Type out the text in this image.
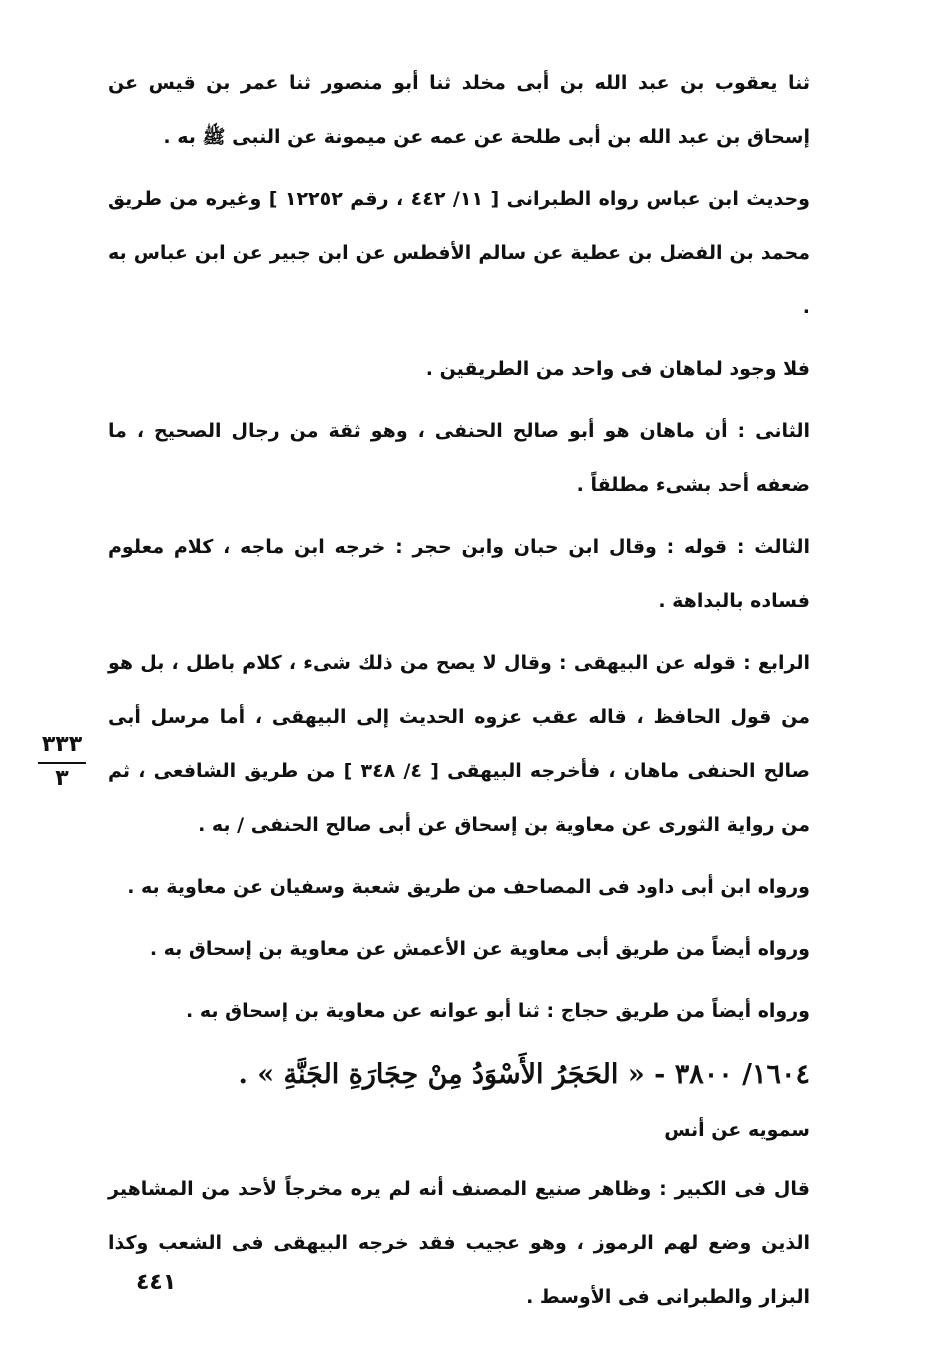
ثنا يعقوب بن عبد الله بن أبى مخلد ثنا أبو منصور ثنا عمر بن قيس عن إسحاق بن عبد الله بن أبى طلحة عن عمه عن ميمونة عن النبى ﷺ به .

وحديث ابن عباس رواه الطبرانى [ ١١/ ٤٤٢ ، رقم ١٢٢٥٢ ] وغيره من طريق محمد بن الفضل بن عطية عن سالم الأفطس عن ابن جبير عن ابن عباس به .

فلا وجود لماهان فى واحد من الطريقين .

الثانى : أن ماهان هو أبو صالح الحنفى ، وهو ثقة من رجال الصحيح ، ما ضعفه أحد بشىء مطلقاً .

الثالث : قوله : وقال ابن حبان وابن حجر : خرجه ابن ماجه ، كلام معلوم فساده بالبداهة .

الرابع : قوله عن البيهقى : وقال لا يصح من ذلك شىء ، كلام باطل ، بل هو من قول الحافظ ، قاله عقب عزوه الحديث إلى البيهقى ، أما مرسل أبى صالح الحنفى ماهان ، فأخرجه البيهقى [ ٤/ ٣٤٨ ] من طريق الشافعى ، ثم من رواية الثورى عن معاوية بن إسحاق عن أبى صالح الحنفى / به .

ورواه ابن أبى داود فى المصاحف من طريق شعبة وسفيان عن معاوية به .

ورواه أيضاً من طريق أبى معاوية عن الأعمش عن معاوية بن إسحاق به .

ورواه أيضاً من طريق حجاج : ثنا أبو عوانه عن معاوية بن إسحاق به .

١٦٠٤/ ٣٨٠٠ - « الحَجَرُ الأَسْوَدُ مِنْ حِجَارَةِ الجَنَّةِ » .

سمويه عن أنس

قال فى الكبير : وظاهر صنيع المصنف أنه لم يره مخرجاً لأحد من المشاهير الذين وضع لهم الرموز ، وهو عجيب فقد خرجه البيهقى فى الشعب وكذا البزار والطبرانى فى الأوسط .

٣٣٣
٣
٤٤١
